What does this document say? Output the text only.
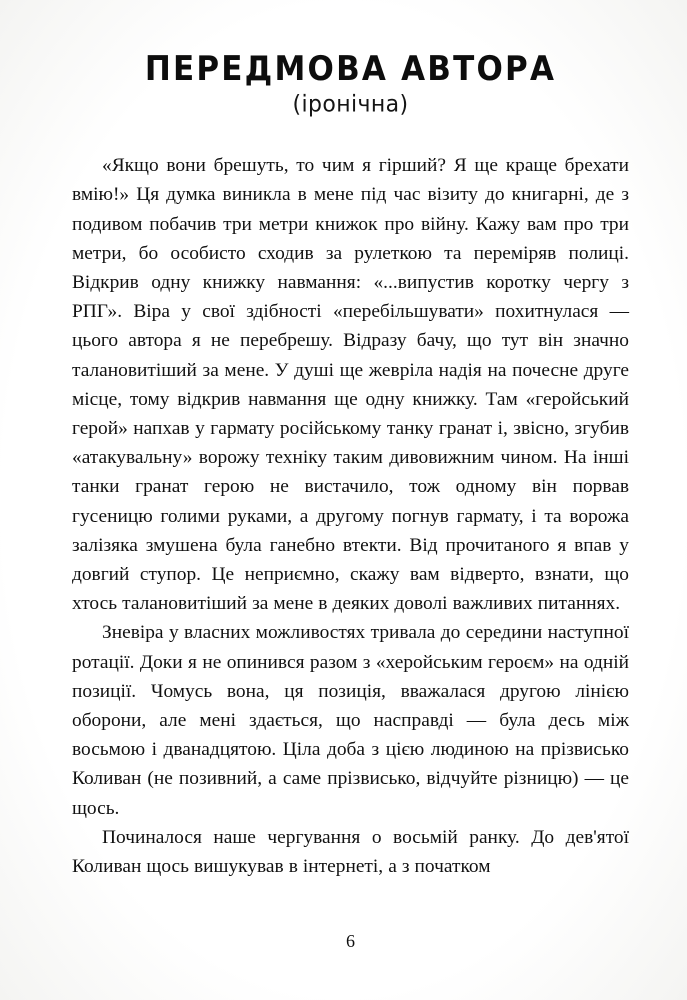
ПЕРЕДМОВА АВТОРА

(іронічна)

«Якщо вони брешуть, то чим я гірший? Я ще краще брехати вмію!» Ця думка виникла в мене під час візиту до книгарні, де з подивом побачив три метри книжок про війну. Кажу вам про три метри, бо особисто сходив за рулеткою та переміряв полиці. Відкрив одну книжку навмання: «...випустив коротку чергу з РПГ». Віра у свої здібності «перебільшувати» похитнулася — цього автора я не перебрешу. Відразу бачу, що тут він значно талановитіший за мене. У душі ще жевріла надія на почесне друге місце, тому відкрив навмання ще одну книжку. Там «геройський герой» напхав у гармату російському танку гранат і, звісно, згубив «атакувальну» ворожу техніку таким дивовижним чином. На інші танки гранат герою не вистачило, тож одному він порвав гусеницю голими руками, а другому погнув гармату, і та ворожа залізяка змушена була ганебно втекти. Від прочитаного я впав у довгий ступор. Це неприємно, скажу вам відверто, взнати, що хтось талановитіший за мене в деяких доволі важливих питаннях.

Зневіра у власних можливостях тривала до середини наступної ротації. Доки я не опинився разом з «херойським героєм» на одній позиції. Чомусь вона, ця позиція, вважалася другою лінією оборони, але мені здається, що насправді — була десь між восьмою і дванадцятою. Ціла доба з цією людиною на прізвисько Коливан (не позивний, а саме прізвисько, відчуйте різницю) — це щось.

Починалося наше чергування о восьмій ранку. До дев'ятої Коливан щось вишукував в інтернеті, а з початком

6
